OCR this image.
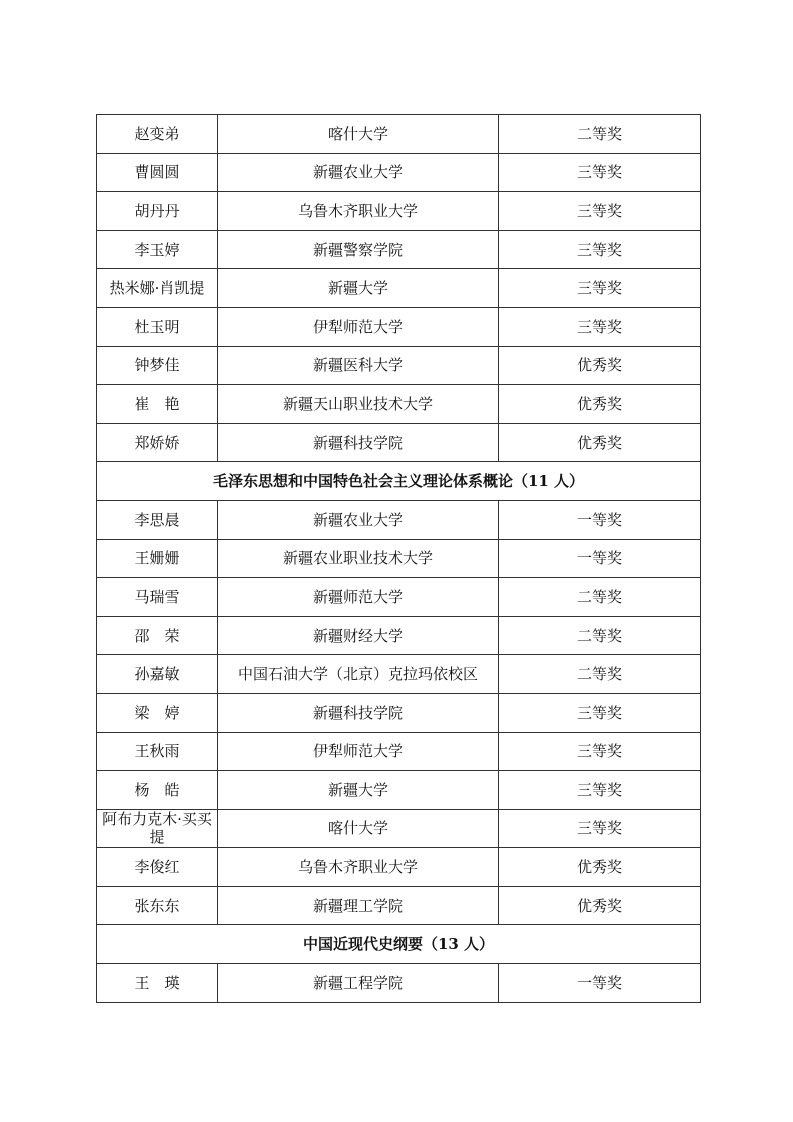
赵变弟	喀什大学	二等奖
曹圆圆	新疆农业大学	三等奖
胡丹丹	乌鲁木齐职业大学	三等奖
李玉婷	新疆警察学院	三等奖
热米娜·肖凯提	新疆大学	三等奖
杜玉明	伊犁师范大学	三等奖
钟梦佳	新疆医科大学	优秀奖
崔　艳	新疆天山职业技术大学	优秀奖
郑娇娇	新疆科技学院	优秀奖
毛泽东思想和中国特色社会主义理论体系概论（11 人）		
李思晨	新疆农业大学	一等奖
王姗姗	新疆农业职业技术大学	一等奖
马瑞雪	新疆师范大学	二等奖
邵　荣	新疆财经大学	二等奖
孙嘉敏	中国石油大学（北京）克拉玛依校区	二等奖
梁　婷	新疆科技学院	三等奖
王秋雨	伊犁师范大学	三等奖
杨　皓	新疆大学	三等奖
阿布力克木·买买提	喀什大学	三等奖
李俊红	乌鲁木齐职业大学	优秀奖
张东东	新疆理工学院	优秀奖
中国近现代史纲要（13 人）		
王　瑛	新疆工程学院	一等奖
